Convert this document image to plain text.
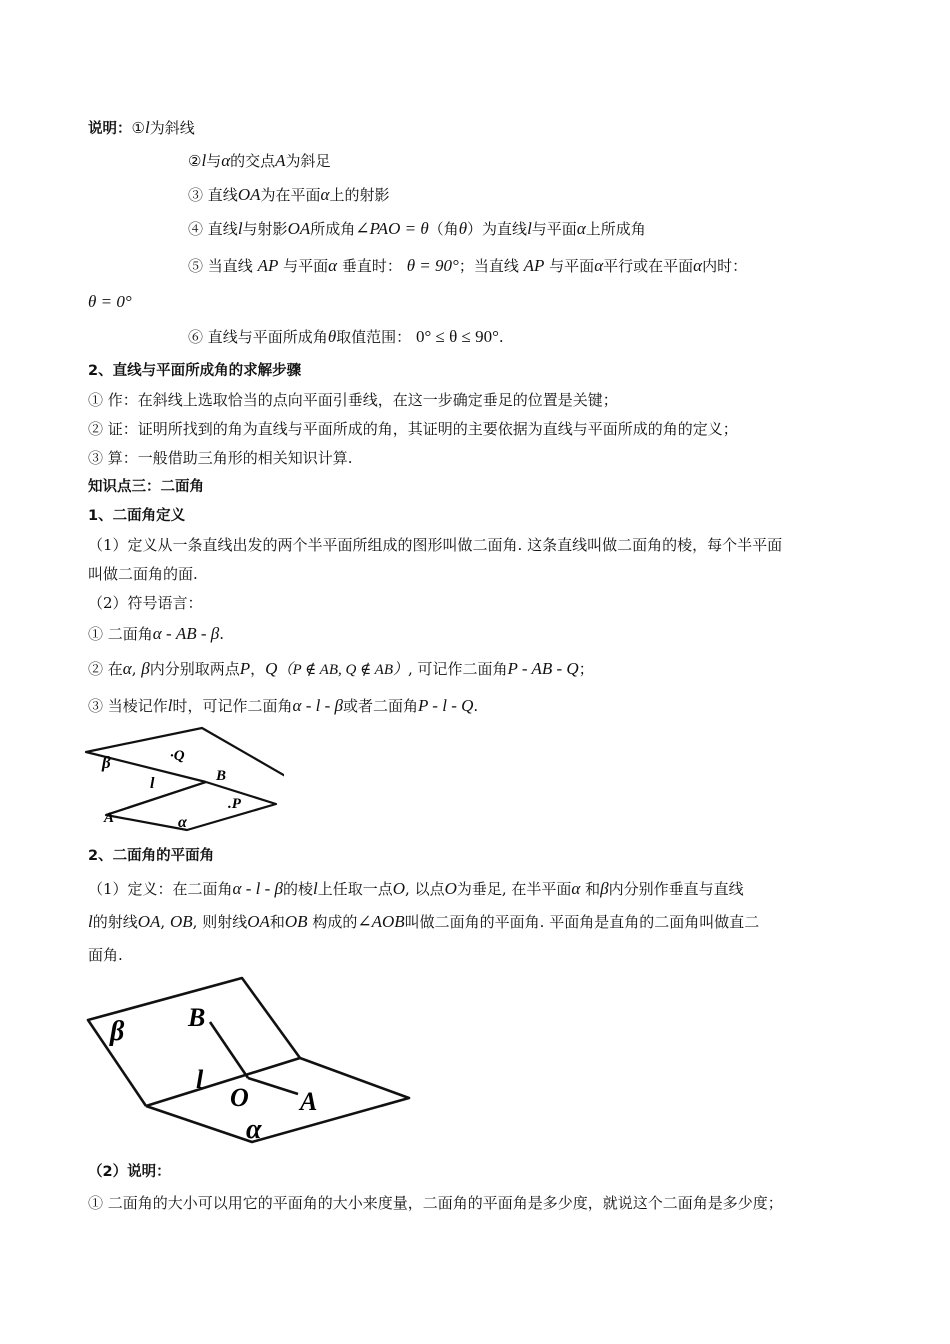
说明：①l为斜线
②l与α的交点A为斜足
③ 直线OA为在平面α上的射影
④ 直线l与射影OA所成角∠PAO = θ（角θ）为直线l与平面α上所成角
⑤ 当直线 AP 与平面α 垂直时： θ = 90°；当直线 AP 与平面α平行或在平面α内时：
θ = 0°
⑥ 直线与平面所成角θ取值范围： 0° ≤ θ ≤ 90°.
2、直线与平面所成角的求解步骤
① 作：在斜线上选取恰当的点向平面引垂线，在这一步确定垂足的位置是关键；
② 证：证明所找到的角为直线与平面所成的角，其证明的主要依据为直线与平面所成的角的定义；
③ 算：一般借助三角形的相关知识计算.
知识点三：二面角
1、二面角定义
（1）定义从一条直线出发的两个半平面所组成的图形叫做二面角. 这条直线叫做二面角的棱，每个半平面
叫做二面角的面.
（2）符号语言：
① 二面角α - AB - β.
② 在α, β内分别取两点P，Q（P ∉ AB, Q ∉ AB）, 可记作二面角P - AB - Q；
③ 当棱记作l时，可记作二面角α - l - β或者二面角P - l - Q.
β	·Q
B
l
.P
A	α
2、二面角的平面角
（1）定义：在二面角α - l - β的棱l上任取一点O, 以点O为垂足, 在半平面α 和β内分别作垂直与直线
l的射线OA, OB, 则射线OA和OB 构成的∠AOB叫做二面角的平面角. 平面角是直角的二面角叫做直二
面角.
β B
l
O A
α
（2）说明：
① 二面角的大小可以用它的平面角的大小来度量，二面角的平面角是多少度，就说这个二面角是多少度；
